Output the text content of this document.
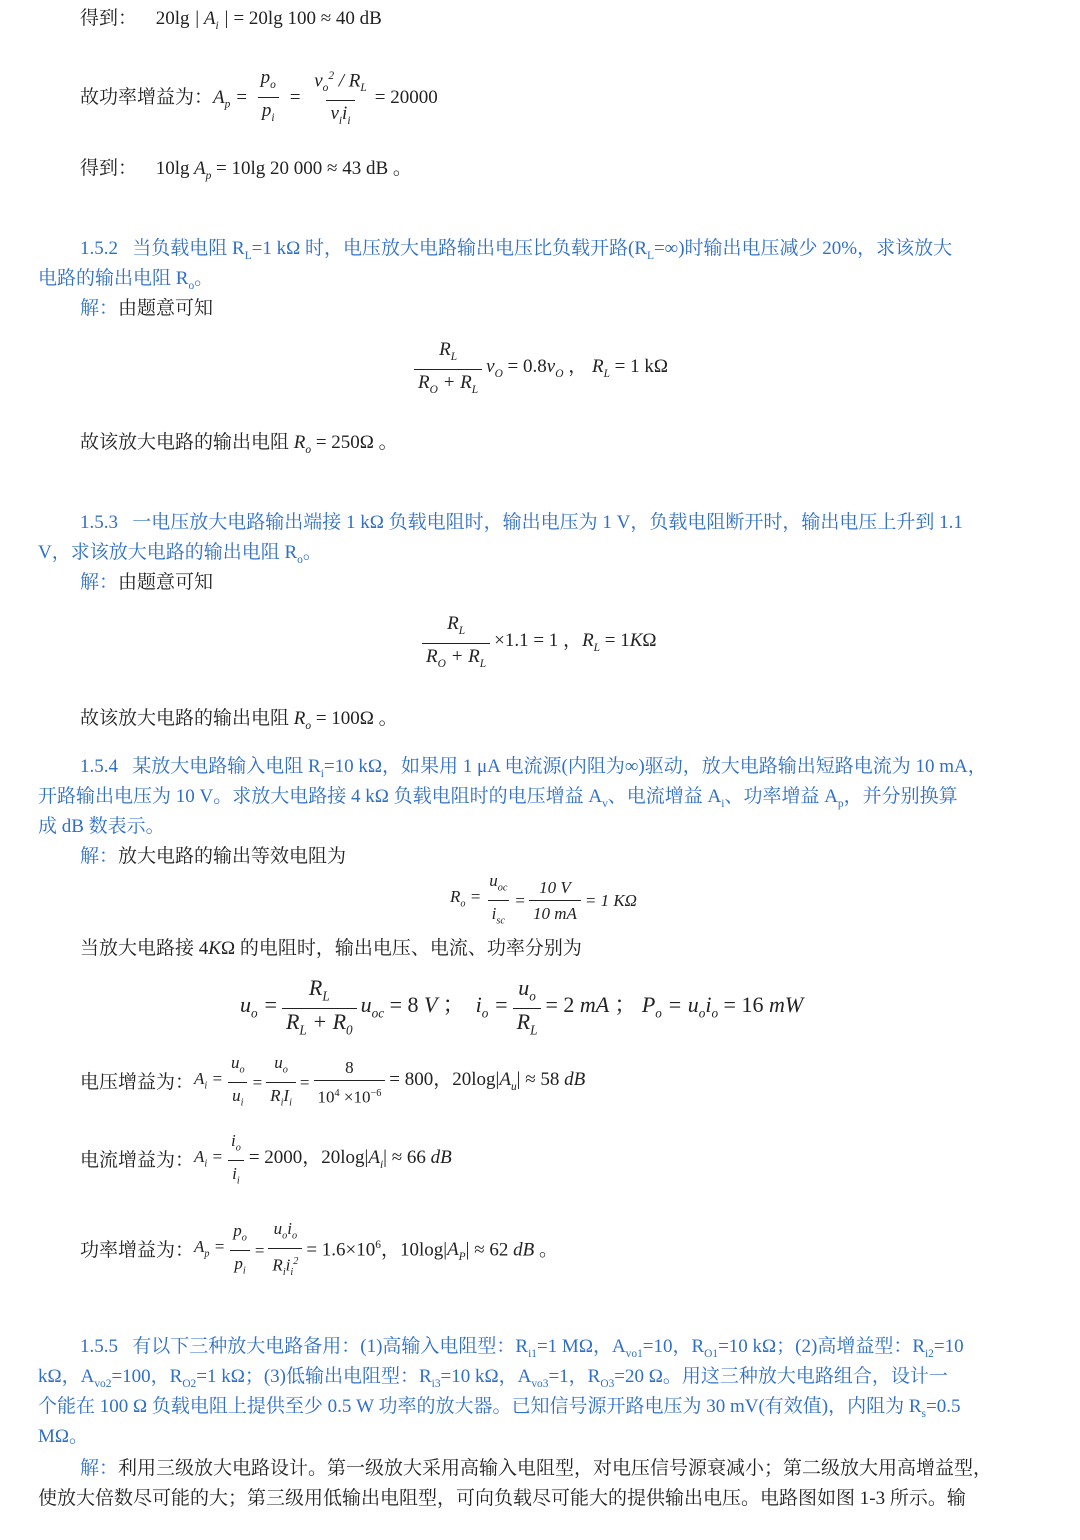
得到： 20lg | $A_i$ | = 20lg 100 ≈ 40 dB
故功率增益为： $A_p = \frac{p_o}{p_i} = \frac{v_o^2 / R_L}{v_ii_i} = 20000$
得到： 10lg $A_p = 10\lg$ 20 000 ≈ 43 dB 。
1.5.2   当负载电阻 $R_L=1$ kΩ 时，电压放大电路输出电压比负载开路$(R_L=\infty)$时输出电压减少 20%，求该放大
电路的输出电阻 $R_o$。
解：由题意可知
$\frac{R_L}{R_O + R_L} v_O = 0.8v_O$ ， $R_L = 1$ kΩ
故该放大电路的输出电阻 $R_o = 250\Omega$ 。
1.5.3   一电压放大电路输出端接 1 kΩ 负载电阻时，输出电压为 1 V，负载电阻断开时，输出电压上升到 1.1
V，求该放大电路的输出电阻 $R_o$。
解：由题意可知
$\frac{R_L}{R_O + R_L} \times 1.1 = 1$ ，$R_L = 1K\Omega$
故该放大电路的输出电阻 $R_o = 100\Omega$ 。
1.5.4   某放大电路输入电阻 $R_i=10$ kΩ，如果用 1 μA 电流源(内阻为∞)驱动，放大电路输出短路电流为 10 mA，
开路输出电压为 10 V。求放大电路接 4 kΩ 负载电阻时的电压增益 $A_v$、电流增益 $A_i$、功率增益 $A_p$，并分别换算
成 dB 数表示。
解：放大电路的输出等效电阻为
$R_o = \frac{u_{oc}}{i_{sc}} = \frac{10 V}{10 mA} = 1$ KΩ
当放大电路接 4KΩ 的电阻时，输出电压、电流、功率分别为
$u_o = \frac{R_L}{R_L + R_0} u_{oc} = 8$ V ；  $i_o = \frac{u_o}{R_L} = 2$ mA ； $P_o = u_oi_o = 16$ mW
电压增益为： $A_i = \frac{u_o}{u_i} = \frac{u_o}{R_iI_i} = \frac{8}{10^4 \times 10^{-6}} = 800$，$20\log|A_u| \approx 58$ dB
电流增益为： $A_i = \frac{i_o}{i_i} = 2000$，$20\log|A_i| \approx 66$ dB
功率增益为： $A_p = \frac{p_o}{p_i} = \frac{u_oi_o}{R_ii_i^2} = 1.6\times 10^6$，$10\log|A_P| \approx 62$ dB 。
1.5.5   有以下三种放大电路备用：(1)高输入电阻型：$R_{i1}=1$ MΩ，$A_{vo1}=10$，$R_{O1}=10$ kΩ；(2)高增益型：$R_{i2}=10$
kΩ，$A_{vo2}=100$，$R_{O2}=1$ kΩ；(3)低输出电阻型：$R_{i3}=10$ kΩ，$A_{vo3}=1$，$R_{O3}=20$ Ω。用这三种放大电路组合，设计一
个能在 100 Ω 负载电阻上提供至少 0.5 W 功率的放大器。已知信号源开路电压为 30 mV(有效值)，内阻为 $R_s=0.5$
MΩ。
解：利用三级放大电路设计。第一级放大采用高输入电阻型，对电压信号源衰减小；第二级放大用高增益型，
使放大倍数尽可能的大；第三级用低输出电阻型，可向负载尽可能大的提供输出电压。电路图如图 1-3 所示。输
